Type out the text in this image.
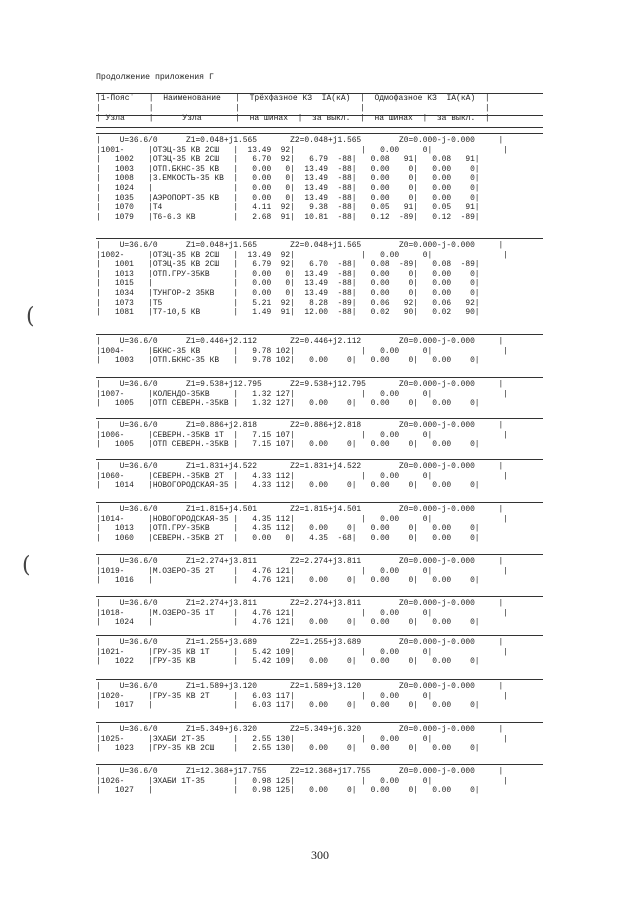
Продолжение приложения Г
|1-Поясˈ   |  Наименование   |  Трёхфазное КЗ  IA(кА)  |  Одмофазное КЗ  IA(кА)  |
|          |                 |                         |                         |
| Узла     |      Узла       |  на шинах  |  за выкл.  |  на шинах  |  за выкл.  |
|    U=36.6/0      Z1=0.048+j1.565       Z2=0.048+j1.565        Z0=0.000-j-0.000     |
|1001-     |ОТЭЦ-35 КВ 2СШ   |  13.49  92|              |   0.00     0|               |
|   1002   |ОТЭЦ-35 КВ 2СШ   |   6.70  92|   6.79  -88|   0.08   91|   0.08   91|
|   1003   |ОТП.БКНС-35 КВ   |   0.00   0|  13.49  -88|   0.00    0|   0.00    0|
|   1008   |3.ЕМКОСТЬ-35 КВ  |   0.00   0|  13.49  -88|   0.00    0|   0.00    0|
|   1024   |                 |   0.00   0|  13.49  -88|   0.00    0|   0.00    0|
|   1035   |АЭРОПОРТ-35 КВ   |   0.00   0|  13.49  -88|   0.00    0|   0.00    0|
|   1070   |Т4               |   4.11  92|   9.38  -88|   0.05   91|   0.05   91|
|   1079   |Т6-6.3 КВ        |   2.68  91|  10.81  -88|   0.12  -89|   0.12  -89|
|    U=36.6/0      Z1=0.048+j1.565       Z2=0.048+j1.565        Z0=0.000-j-0.000     |
|1002-     |ОТЭЦ-35 КВ 2СШ   |  13.49  92|              |   0.00     0|               |
|   1001   |ОТЭЦ-35 КВ 2СШ   |   6.79  92|   6.70  -88|   0.08  -89|   0.08  -89|
|   1013   |ОТП.ГРУ-35КВ     |   0.00   0|  13.49  -88|   0.00    0|   0.00    0|
|   1015   |                 |   0.00   0|  13.49  -88|   0.00    0|   0.00    0|
|   1034   |ТУНГОР-2 35КВ    |   0.00   0|  13.49  -88|   0.00    0|   0.00    0|
|   1073   |Т5               |   5.21  92|   8.28  -89|   0.06   92|   0.06   92|
|   1081   |Т7-10,5 КВ       |   1.49  91|  12.00  -88|   0.02   90|   0.02   90|
|    U=36.6/0      Z1=0.446+j2.112       Z2=0.446+j2.112        Z0=0.000-j-0.000     |
|1004-     |БКНС-35 КВ       |   9.78 102|              |   0.00     0|               |
|   1003   |ОТП.БКНС-35 КВ   |   9.78 102|   0.00    0|   0.00    0|   0.00    0|
|    U=36.6/0      Z1=9.538+j12.795      Z2=9.538+j12.795       Z0=0.000-j-0.000     |
|1007-     |КОЛЕНДО-35КВ     |   1.32 127|              |   0.00     0|               |
|   1005   |ОТП СЕВЕРН.-35КВ |   1.32 127|   0.00    0|   0.00    0|   0.00    0|
|    U=36.6/0      Z1=0.886+j2.818       Z2=0.886+j2.818        Z0=0.000-j-0.000     |
|1006-     |СЕВЕРН.-35КВ 1Т  |   7.15 107|              |   0.00     0|               |
|   1005   |ОТП СЕВЕРН.-35КВ |   7.15 107|   0.00    0|   0.00    0|   0.00    0|
|    U=36.6/0      Z1=1.831+j4.522       Z2=1.831+j4.522        Z0=0.000-j-0.000     |
|1060-     |СЕВЕРН.-35КВ 2Т  |   4.33 112|              |   0.00     0|               |
|   1014   |НОВОГОРОДСКАЯ-35 |   4.33 112|   0.00    0|   0.00    0|   0.00    0|
|    U=36.6/0      Z1=1.815+j4.501       Z2=1.815+j4.501        Z0=0.000-j-0.000     |
|1014-     |НОВОГОРОДСКАЯ-35 |   4.35 112|              |   0.00     0|               |
|   1013   |ОТП.ГРУ-35КВ     |   4.35 112|   0.00    0|   0.00    0|   0.00    0|
|   1060   |СЕВЕРН.-35КВ 2Т  |   0.00   0|   4.35  -68|   0.00    0|   0.00    0|
|    U=36.6/0      Z1=2.274+j3.811       Z2=2.274+j3.811        Z0=0.000-j-0.000     |
|1019-     |М.ОЗЕРО-35 2Т    |   4.76 121|              |   0.00     0|               |
|   1016   |                 |   4.76 121|   0.00    0|   0.00    0|   0.00    0|
|    U=36.6/0      Z1=2.274+j3.811       Z2=2.274+j3.811        Z0=0.000-j-0.000     |
|1018-     |М.ОЗЕРО-35 1Т    |   4.76 121|              |   0.00     0|               |
|   1024   |                 |   4.76 121|   0.00    0|   0.00    0|   0.00    0|
|    U=36.6/0      Z1=1.255+j3.689       Z2=1.255+j3.689        Z0=0.000-j-0.000     |
|1021-     |ГРУ-35 КВ 1Т     |   5.42 109|              |   0.00     0|               |
|   1022   |ГРУ-35 КВ        |   5.42 109|   0.00    0|   0.00    0|   0.00    0|
|    U=36.6/0      Z1=1.589+j3.120       Z2=1.589+j3.120        Z0=0.000-j-0.000     |
|1020-     |ГРУ-35 КВ 2Т     |   6.03 117|              |   0.00     0|               |
|   1017   |                 |   6.03 117|   0.00    0|   0.00    0|   0.00    0|
|    U=36.6/0      Z1=5.349+j6.320       Z2=5.349+j6.320        Z0=0.000-j-0.000     |
|1025-     |ЭХАБИ 2Т-35      |   2.55 130|              |   0.00     0|               |
|   1023   |ГРУ-35 КВ 2СШ    |   2.55 130|   0.00    0|   0.00    0|   0.00    0|
|    U=36.6/0      Z1=12.368+j17.755     Z2=12.368+j17.755      Z0=0.000-j-0.000     |
|1026-     |ЭХАБИ 1Т-35      |   0.98 125|              |   0.00     0|               |
|   1027   |                 |   0.98 125|   0.00    0|   0.00    0|   0.00    0|
(
(
300
